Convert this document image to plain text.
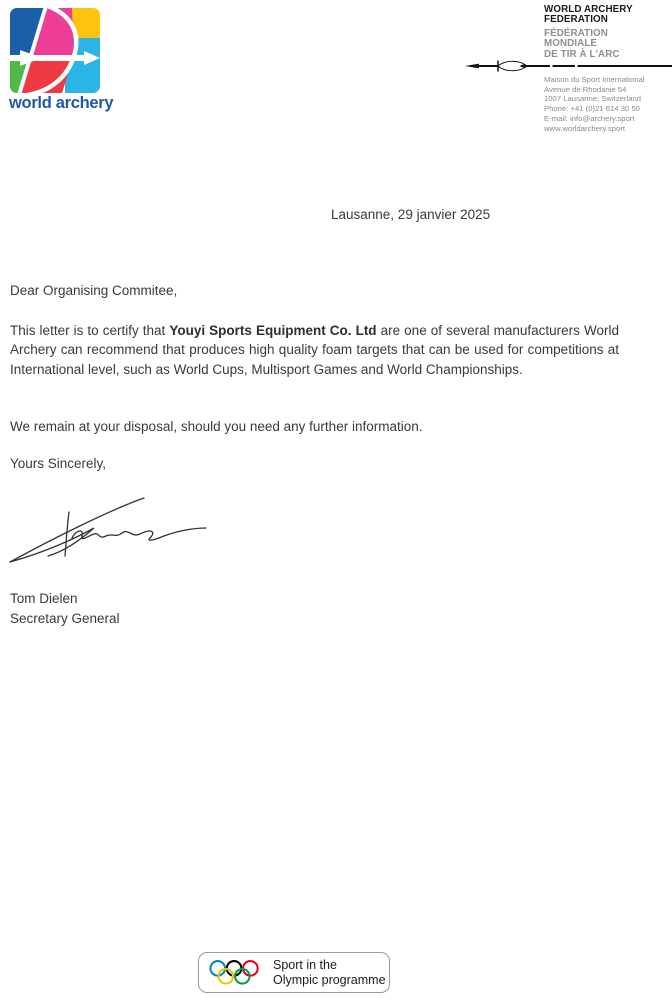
world archery
WORLD ARCHERY
FEDERATION
FÉDÉRATION
MONDIALE
DE TIR À L'ARC
Maison du Sport International
Avenue de Rhodanie 54
1007 Lausanne, Switzerland
Phone: +41 (0)21 614 30 50
E-mail: info@archery.sport
www.worldarchery.sport
Lausanne, 29 janvier 2025
Dear Organising Commitee,
This letter is to certify that Youyi Sports Equipment Co. Ltd are one of several manufacturers World Archery can recommend that produces high quality foam targets that can be used for competitions at International level, such as World Cups, Multisport Games and World Championships.
We remain at your disposal, should you need any further information.
Yours Sincerely,
Tom Dielen
Secretary General
Sport in the
Olympic programme
